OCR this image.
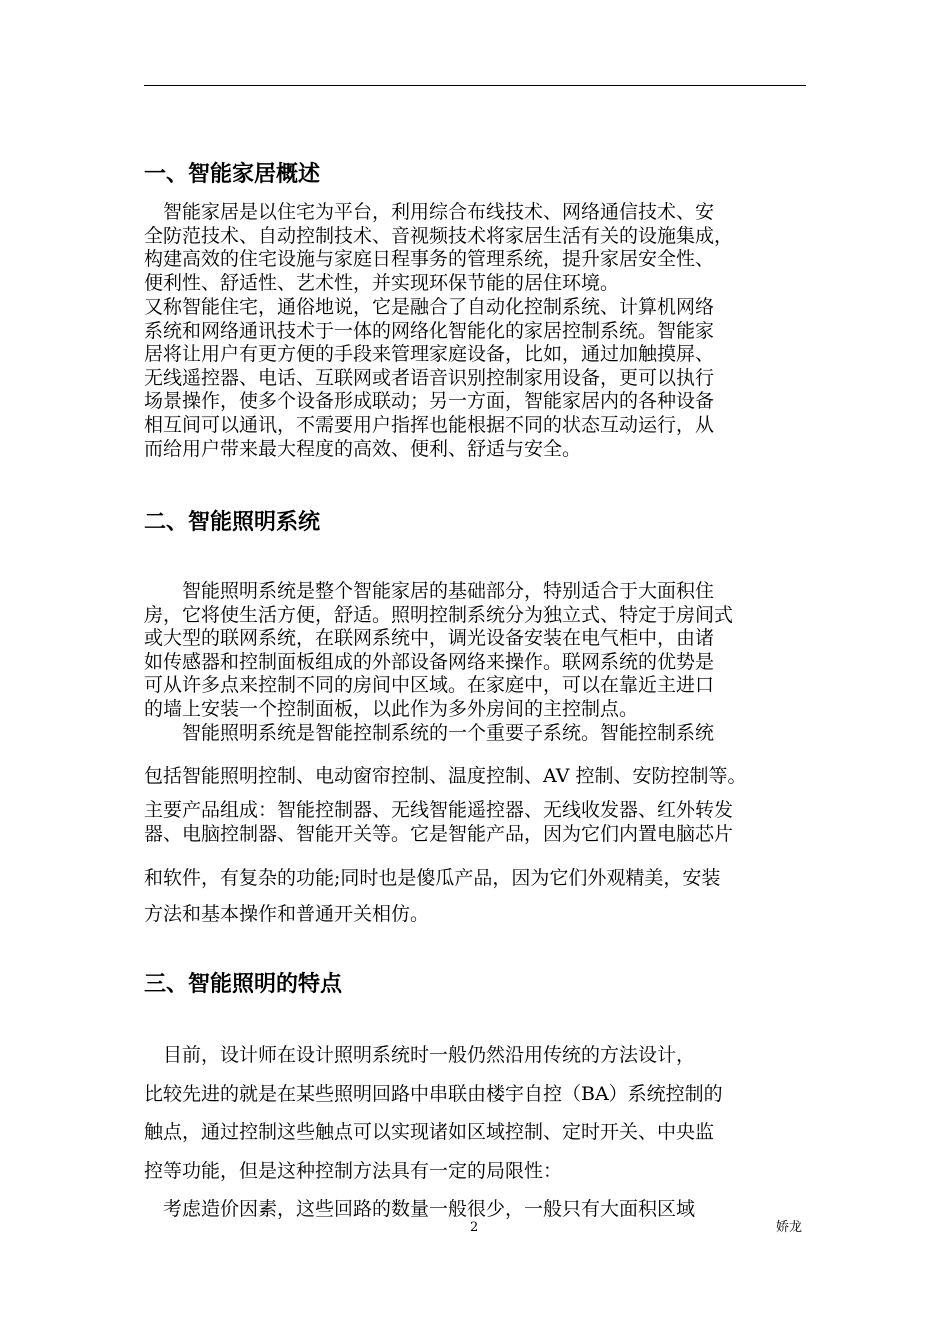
一、智能家居概述
　智能家居是以住宅为平台，利用综合布线技术、网络通信技术、安
全防范技术、自动控制技术、音视频技术将家居生活有关的设施集成，
构建高效的住宅设施与家庭日程事务的管理系统，提升家居安全性、
便利性、舒适性、艺术性，并实现环保节能的居住环境。
又称智能住宅，通俗地说，它是融合了自动化控制系统、计算机网络
系统和网络通讯技术于一体的网络化智能化的家居控制系统。智能家
居将让用户有更方便的手段来管理家庭设备，比如，通过加触摸屏、
无线遥控器、电话、互联网或者语音识别控制家用设备，更可以执行
场景操作，使多个设备形成联动；另一方面，智能家居内的各种设备
相互间可以通讯，不需要用户指挥也能根据不同的状态互动运行，从
而给用户带来最大程度的高效、便利、舒适与安全。
二、智能照明系统
　　智能照明系统是整个智能家居的基础部分，特别适合于大面积住
房，它将使生活方便，舒适。照明控制系统分为独立式、特定于房间式
或大型的联网系统，在联网系统中，调光设备安装在电气柜中，由诸
如传感器和控制面板组成的外部设备网络来操作。联网系统的优势是
可从许多点来控制不同的房间中区域。在家庭中，可以在靠近主进口
的墙上安装一个控制面板，以此作为多外房间的主控制点。
　　智能照明系统是智能控制系统的一个重要子系统。智能控制系统
包括智能照明控制、电动窗帘控制、温度控制、AV 控制、安防控制等。
主要产品组成：智能控制器、无线智能遥控器、无线收发器、红外转发
器、电脑控制器、智能开关等。它是智能产品，因为它们内置电脑芯片
和软件，有复杂的功能;同时也是傻瓜产品，因为它们外观精美，安装
方法和基本操作和普通开关相仿。
三、智能照明的特点
　目前，设计师在设计照明系统时一般仍然沿用传统的方法设计，
比较先进的就是在某些照明回路中串联由楼宇自控（BA）系统控制的
触点，通过控制这些触点可以实现诸如区域控制、定时开关、中央监
控等功能，但是这种控制方法具有一定的局限性：
　考虑造价因素，这些回路的数量一般很少，一般只有大面积区域
2	娇龙
